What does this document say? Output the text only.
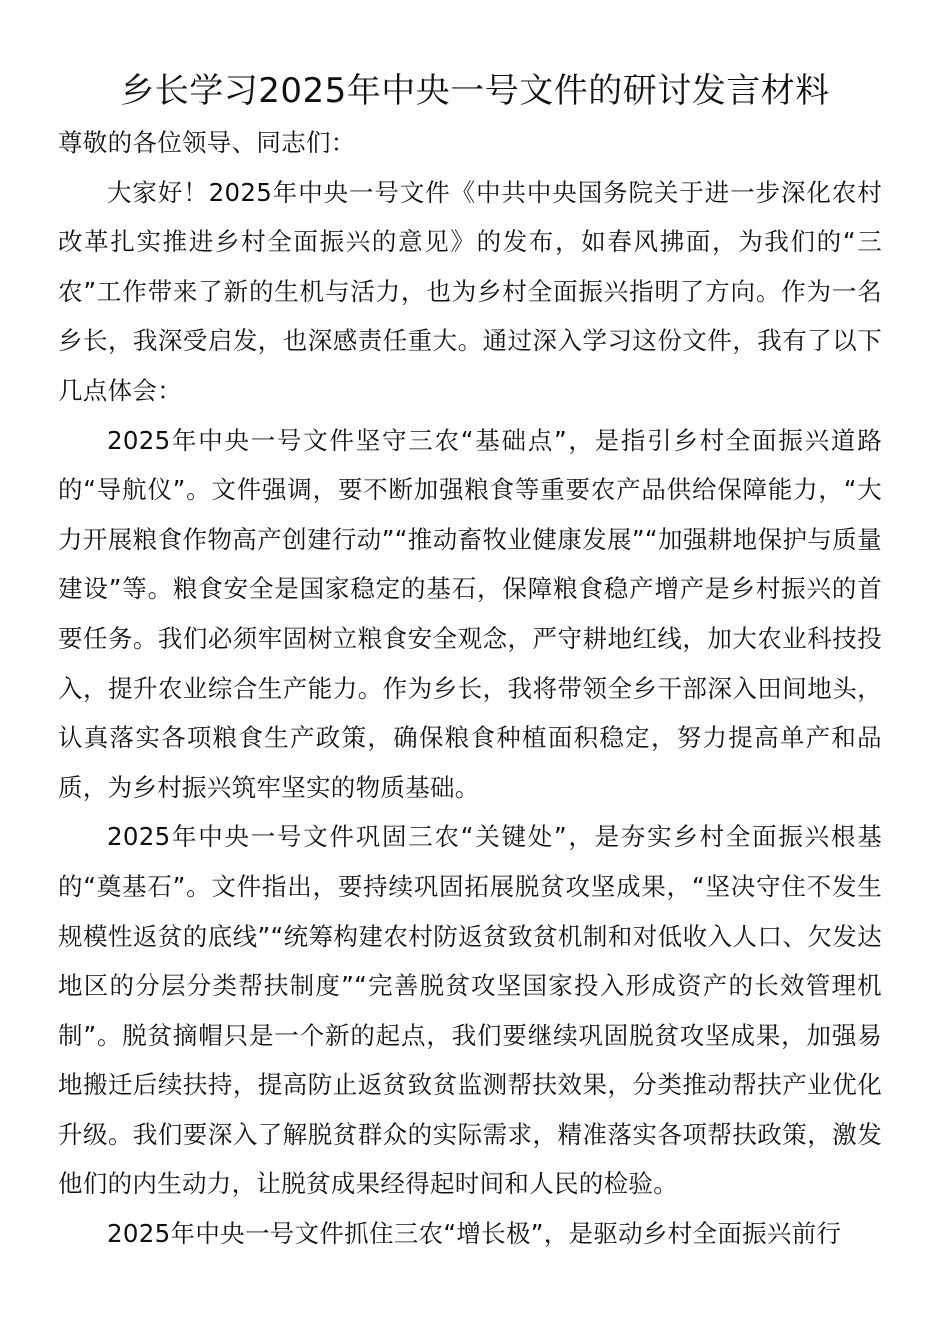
乡长学习2025年中央一号文件的研讨发言材料

尊敬的各位领导、同志们：

大家好！2025年中央一号文件《中共中央国务院关于进一步深化农村改革扎实推进乡村全面振兴的意见》的发布，如春风拂面，为我们的“三农”工作带来了新的生机与活力，也为乡村全面振兴指明了方向。作为一名乡长，我深受启发，也深感责任重大。通过深入学习这份文件，我有了以下几点体会：

2025年中央一号文件坚守三农“基础点”，是指引乡村全面振兴道路的“导航仪”。文件强调，要不断加强粮食等重要农产品供给保障能力，“大力开展粮食作物高产创建行动”“推动畜牧业健康发展”“加强耕地保护与质量建设”等。粮食安全是国家稳定的基石，保障粮食稳产增产是乡村振兴的首要任务。我们必须牢固树立粮食安全观念，严守耕地红线，加大农业科技投入，提升农业综合生产能力。作为乡长，我将带领全乡干部深入田间地头，认真落实各项粮食生产政策，确保粮食种植面积稳定，努力提高单产和品质，为乡村振兴筑牢坚实的物质基础。

2025年中央一号文件巩固三农“关键处”，是夯实乡村全面振兴根基的“奠基石”。文件指出，要持续巩固拓展脱贫攻坚成果，“坚决守住不发生规模性返贫的底线”“统筹构建农村防返贫致贫机制和对低收入人口、欠发达地区的分层分类帮扶制度”“完善脱贫攻坚国家投入形成资产的长效管理机制”。脱贫摘帽只是一个新的起点，我们要继续巩固脱贫攻坚成果，加强易地搬迁后续扶持，提高防止返贫致贫监测帮扶效果，分类推动帮扶产业优化升级。我们要深入了解脱贫群众的实际需求，精准落实各项帮扶政策，激发他们的内生动力，让脱贫成果经得起时间和人民的检验。

2025年中央一号文件抓住三农“增长极”，是驱动乡村全面振兴前行
